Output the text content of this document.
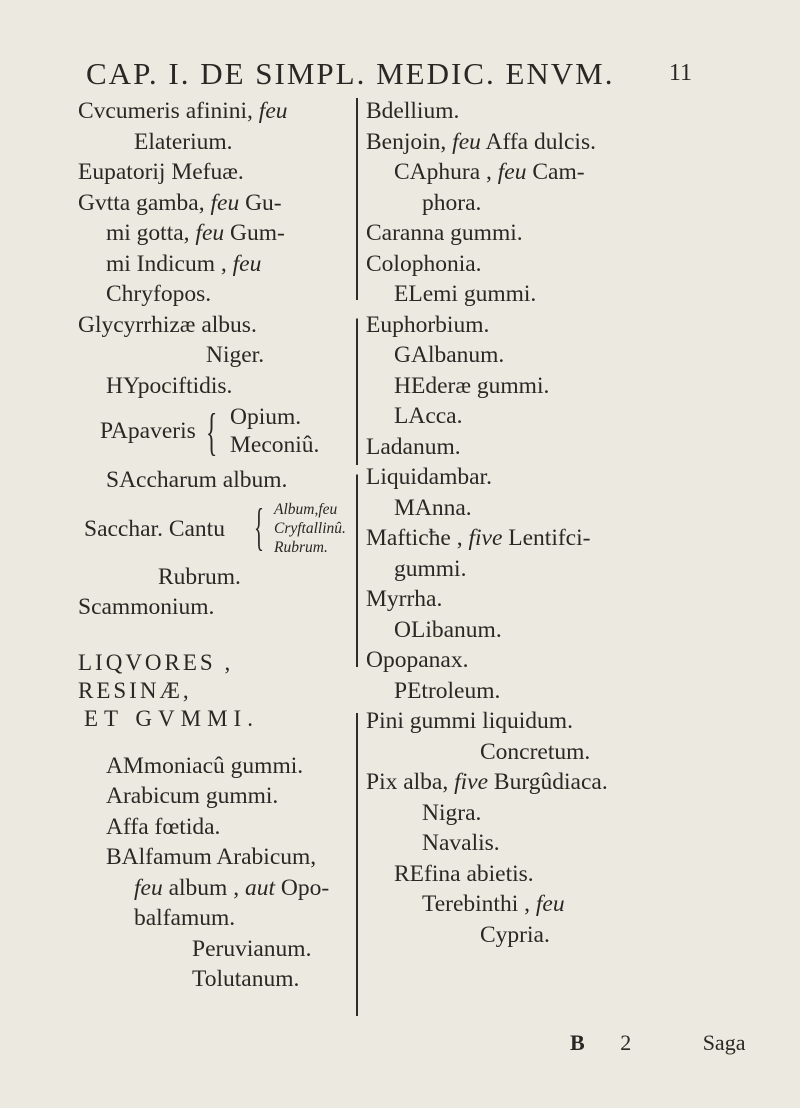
CAP. I. DE SIMPL. MEDIC. ENVM. 11
Cvcumeris afinini, feu
Elaterium.
Eupatorij Mefuæ.
Gvtta gamba, feu Gu-
mi gotta, feu Gum-
mi Indicum , feu
Chryfopos.
Glycyrrhizæ albus.
Niger.
HYpociftidis.
PApaveris { Opium.
Meconiû.
SAccharum album.
Sacchar. Cantu { Album,feu
Cryftallinû.
Rubrum.
Rubrum.
Scammonium.
LIQVORES , RESINÆ,
ET GVMMI.
AMmoniacû gummi.
Arabicum gummi.
Affa fœtida.
BAlfamum Arabicum,
feu album , aut Opo-
balfamum.
Peruvianum.
Tolutanum.
Bdellium.
Benjoin, feu Affa dulcis.
CAphura , feu Cam-
phora.
Caranna gummi.
Colophonia.
ELemi gummi.
Euphorbium.
GAlbanum.
HEderæ gummi.
LAcca.
Ladanum.
Liquidambar.
MAnna.
Mafticħe , five Lentifci-
gummi.
Myrrha.
OLibanum.
Opopanax.
PEtroleum.
Pini gummi liquidum.
Concretum.
Pix alba, five Burgûdiaca.
Nigra.
Navalis.
REfina abietis.
Terebinthi , feu
Cypria.
B 2	Saga
